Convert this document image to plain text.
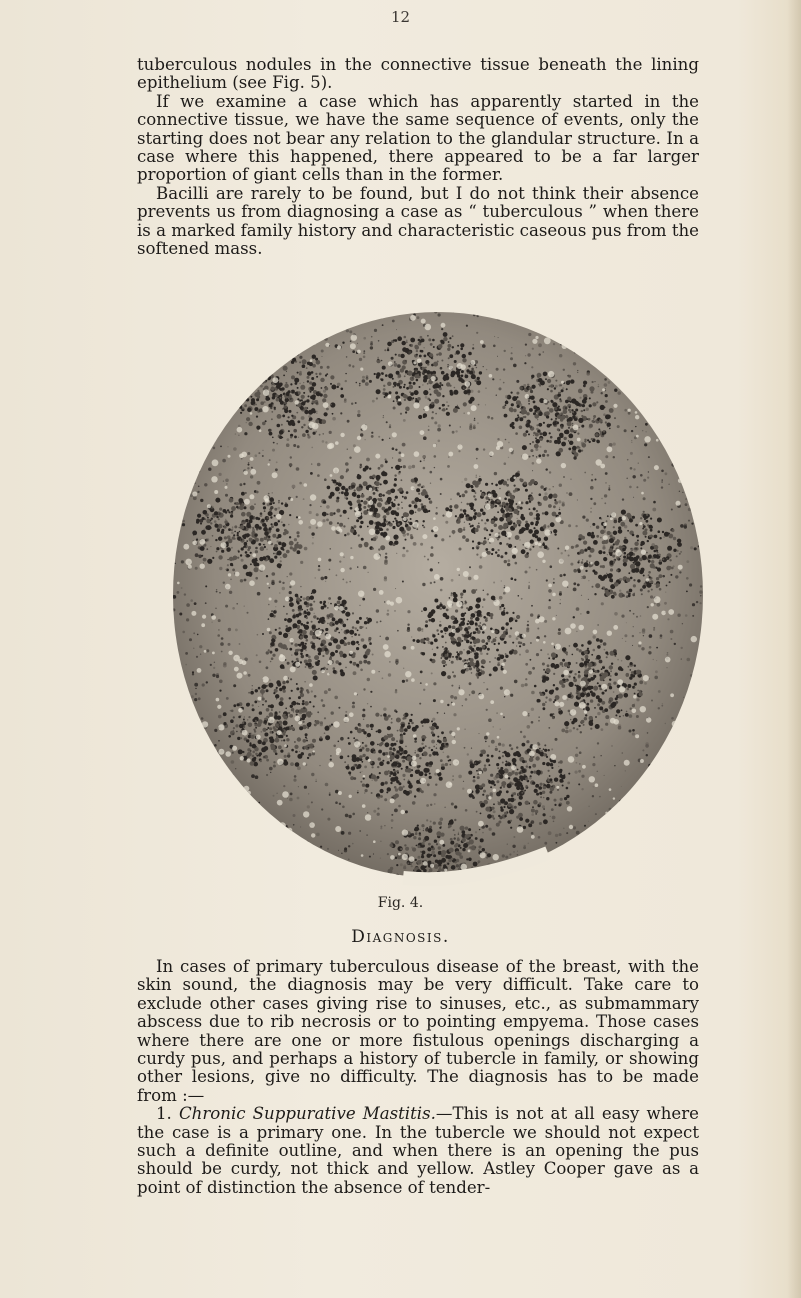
12

tuberculous nodules in the connective tissue beneath the lining epithelium (see Fig. 5).

If we examine a case which has apparently started in the connective tissue, we have the same sequence of events, only the starting does not bear any relation to the glandular structure. In a case where this happened, there appeared to be a far larger proportion of giant cells than in the former.

Bacilli are rarely to be found, but I do not think their absence prevents us from diagnosing a case as “ tuberculous ” when there is a marked family history and characteristic caseous pus from the softened mass.

Fig. 4.
Diagnosis.

In cases of primary tuberculous disease of the breast, with the skin sound, the diagnosis may be very difficult. Take care to exclude other cases giving rise to sinuses, etc., as submammary abscess due to rib necrosis or to pointing empyema. Those cases where there are one or more fistulous openings discharging a curdy pus, and perhaps a history of tubercle in family, or showing other lesions, give no difficulty. The diagnosis has to be made from :—

1. Chronic Suppurative Mastitis.—This is not at all easy where the case is a primary one. In the tubercle we should not expect such a definite outline, and when there is an opening the pus should be curdy, not thick and yellow. Astley Cooper gave as a point of distinction the absence of tender-
